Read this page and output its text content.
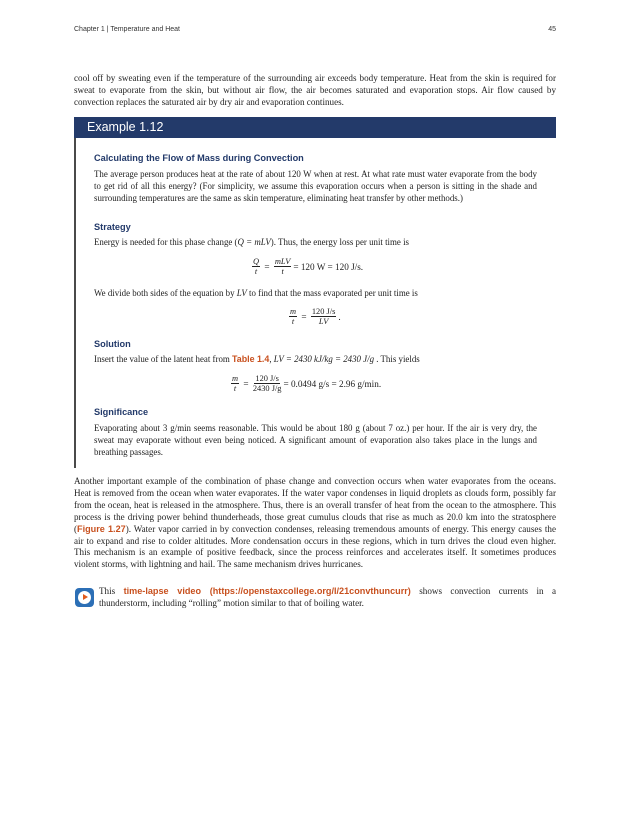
Chapter 1 | Temperature and Heat	45

cool off by sweating even if the temperature of the surrounding air exceeds body temperature. Heat from the skin is required for sweat to evaporate from the skin, but without air flow, the air becomes saturated and evaporation stops. Air flow caused by convection replaces the saturated air by dry air and evaporation continues.

Example 1.12

Calculating the Flow of Mass during Convection

The average person produces heat at the rate of about 120 W when at rest. At what rate must water evaporate from the body to get rid of all this energy? (For simplicity, we assume this evaporation occurs when a person is sitting in the shade and surrounding temperatures are the same as skin temperature, eliminating heat transfer by other methods.)

Strategy

Energy is needed for this phase change (Q = mLV). Thus, the energy loss per unit time is

$\frac{Q}{t} = \frac{\text{mLV}}{t} = 120$ W = 120 J/s.

We divide both sides of the equation by LV to find that the mass evaporated per unit time is

$\frac{m}{t} = \frac{120 J/s}{LV}$ .

Solution

Insert the value of the latent heat from Table 1.4, LV = 2430 kJ/kg = 2430 J/g . This yields

$\frac{m}{t} = \frac{120 J/s}{2430 J/g} = 0.0494$ g/s = 2.96 g/min.

Significance

Evaporating about 3 g/min seems reasonable. This would be about 180 g (about 7 oz.) per hour. If the air is very dry, the sweat may evaporate without even being noticed. A significant amount of evaporation also takes place in the lungs and breathing passages.

Another important example of the combination of phase change and convection occurs when water evaporates from the oceans. Heat is removed from the ocean when water evaporates. If the water vapor condenses in liquid droplets as clouds form, possibly far from the ocean, heat is released in the atmosphere. Thus, there is an overall transfer of heat from the ocean to the atmosphere. This process is the driving power behind thunderheads, those great cumulus clouds that rise as much as 20.0 km into the stratosphere (Figure 1.27). Water vapor carried in by convection condenses, releasing tremendous amounts of energy. This energy causes the air to expand and rise to colder altitudes. More condensation occurs in these regions, which in turn drives the cloud even higher. This mechanism is an example of positive feedback, since the process reinforces and accelerates itself. It sometimes produces violent storms, with lightning and hail. The same mechanism drives hurricanes.

This time-lapse video (https://openstaxcollege.org/l/21convthuncurr) shows convection currents in a thunderstorm, including “rolling” motion similar to that of boiling water.
